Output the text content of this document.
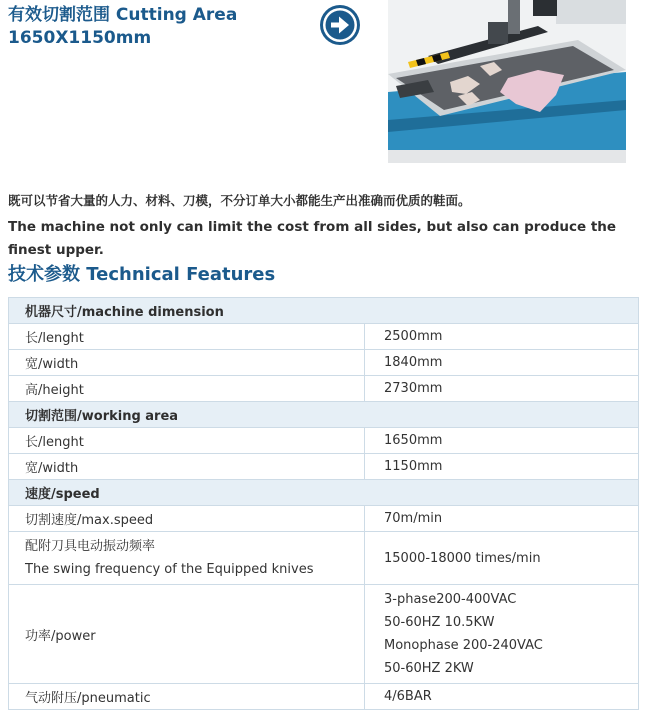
有效切割范围 Cutting Area
1650X1150mm
既可以节省大量的人力、材料、刀模，不分订单大小都能生产出准确而优质的鞋面。
The machine not only can limit the cost from all sides, but also can produce the finest upper.
技术参数 Technical Features
机器尺寸/machine dimension	
长/lenght	2500mm
宽/width	1840mm
高/height	2730mm
切割范围/working area	
长/lenght	1650mm
宽/width	1150mm
速度/speed	
切割速度/max.speed	70m/min

配附刀具电动振动频率
The swing frequency of the Equipped knives	15000-18000 times/min
功率/power	3-phase200-400VAC
50-60HZ 10.5KW
Monophase 200-240VAC
50-60HZ 2KW

气动附压/pneumatic	4/6BAR
